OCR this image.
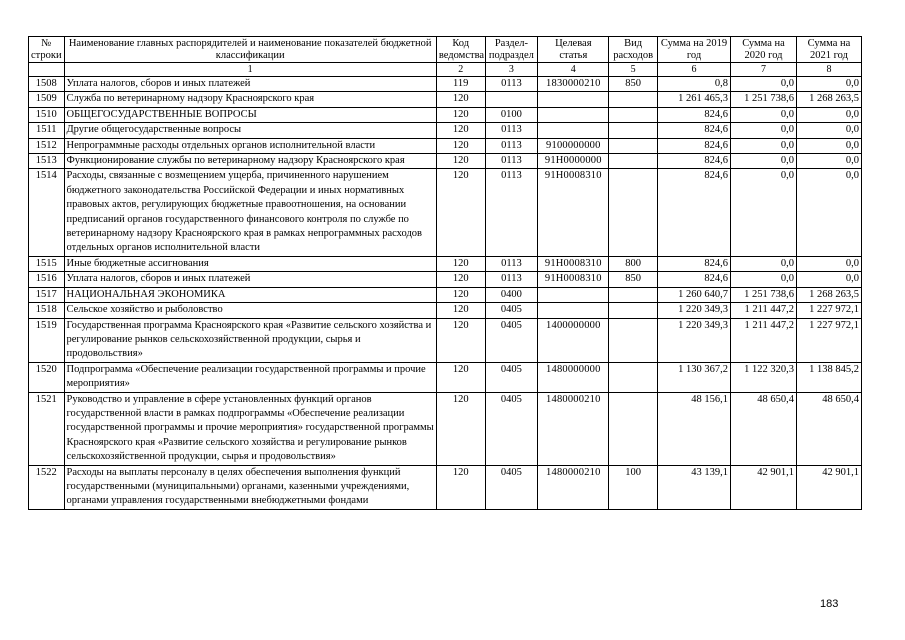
№ строки	Наименование главных распорядителей и наименование показателей бюджетной классификации	Код ведомства	Раздел-подраздел	Целевая статья	Вид расходов	Сумма на 2019 год	Сумма на 2020 год	Сумма на 2021 год
	1	2	3	4	5	6	7	8
1508	Уплата налогов, сборов и иных платежей	119	0113	1830000210	850	0,8	0,0	0,0
1509	Служба по ветеринарному надзору Красноярского края	120				1 261 465,3	1 251 738,6	1 268 263,5
1510	ОБЩЕГОСУДАРСТВЕННЫЕ ВОПРОСЫ	120	0100			824,6	0,0	0,0
1511	Другие общегосударственные вопросы	120	0113			824,6	0,0	0,0
1512	Непрограммные расходы отдельных органов исполнительной власти	120	0113	9100000000		824,6	0,0	0,0
1513	Функционирование службы по ветеринарному надзору Красноярского края	120	0113	91Н0000000		824,6	0,0	0,0
1514	Расходы, связанные с возмещением ущерба, причиненного нарушением бюджетного законодательства Российской Федерации и иных нормативных правовых актов, регулирующих бюджетные правоотношения, на основании предписаний органов государственного финансового контроля по службе по ветеринарному надзору Красноярского края в рамках непрограммных расходов отдельных органов исполнительной власти	120	0113	91Н0008310		824,6	0,0	0,0
1515	Иные бюджетные ассигнования	120	0113	91Н0008310	800	824,6	0,0	0,0
1516	Уплата налогов, сборов и иных платежей	120	0113	91Н0008310	850	824,6	0,0	0,0
1517	НАЦИОНАЛЬНАЯ ЭКОНОМИКА	120	0400			1 260 640,7	1 251 738,6	1 268 263,5
1518	Сельское хозяйство и рыболовство	120	0405			1 220 349,3	1 211 447,2	1 227 972,1
1519	Государственная программа Красноярского края «Развитие сельского хозяйства и регулирование рынков сельскохозяйственной продукции, сырья и продовольствия»	120	0405	1400000000		1 220 349,3	1 211 447,2	1 227 972,1
1520	Подпрограмма «Обеспечение реализации государственной программы и прочие мероприятия»	120	0405	1480000000		1 130 367,2	1 122 320,3	1 138 845,2
1521	Руководство и управление в сфере установленных функций органов государственной власти в рамках подпрограммы «Обеспечение реализации государственной программы и прочие мероприятия» государственной программы Красноярского края «Развитие сельского хозяйства и регулирование рынков сельскохозяйственной продукции, сырья и продовольствия»	120	0405	1480000210		48 156,1	48 650,4	48 650,4
1522	Расходы на выплаты персоналу в целях обеспечения выполнения функций государственными (муниципальными) органами, казенными учреждениями, органами управления государственными внебюджетными фондами	120	0405	1480000210	100	43 139,1	42 901,1	42 901,1
183
